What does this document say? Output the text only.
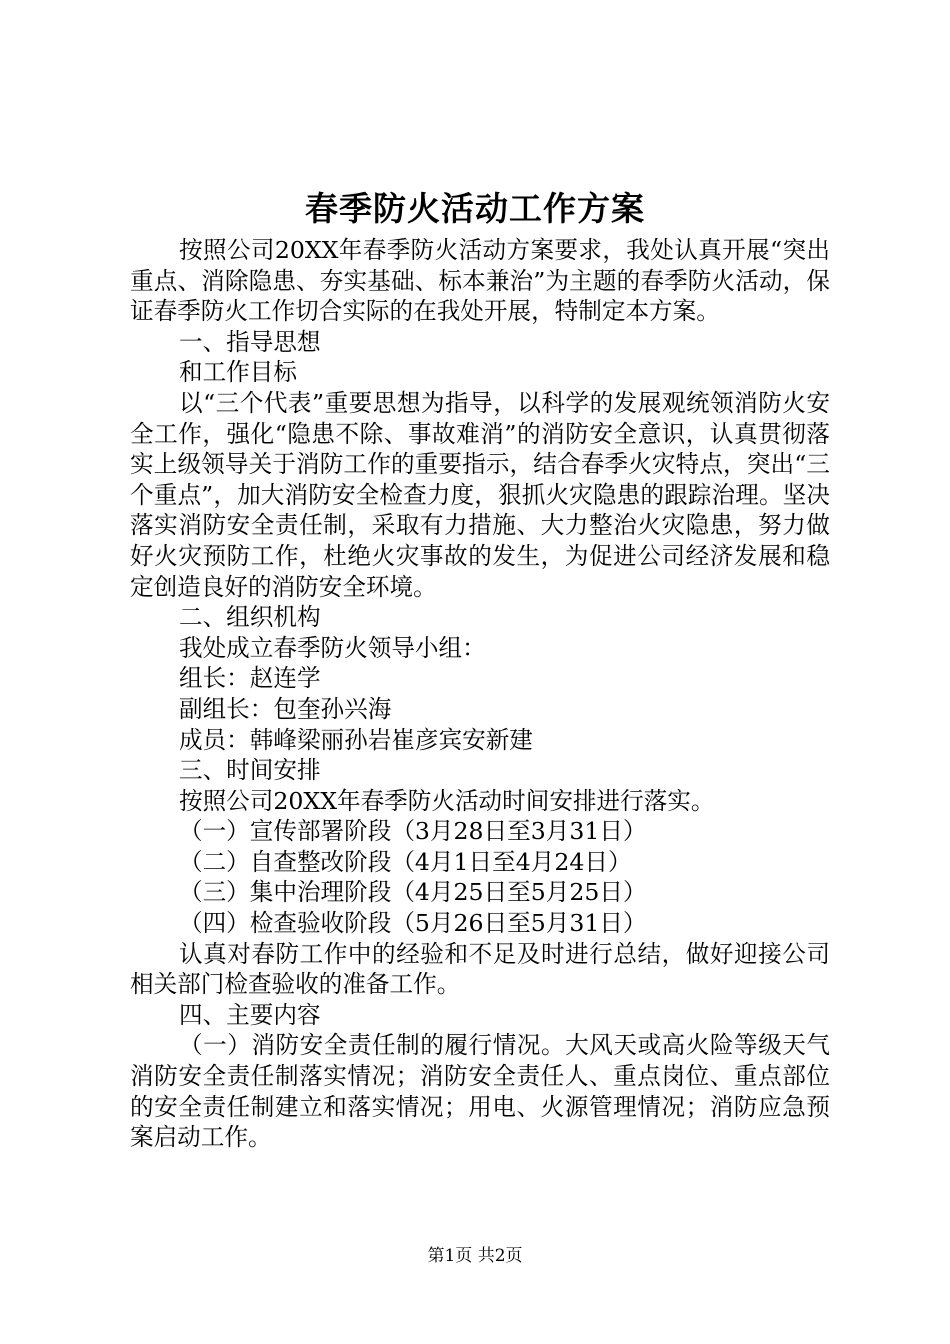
春季防火活动工作方案

按照公司20XX年春季防火活动方案要求，我处认真开展“突出重点、消除隐患、夯实基础、标本兼治”为主题的春季防火活动，保证春季防火工作切合实际的在我处开展，特制定本方案。

一、指导思想

和工作目标

以“三个代表”重要思想为指导，以科学的发展观统领消防火安全工作，强化“隐患不除、事故难消”的消防安全意识，认真贯彻落实上级领导关于消防工作的重要指示，结合春季火灾特点，突出“三个重点”，加大消防安全检查力度，狠抓火灾隐患的跟踪治理。坚决落实消防安全责任制，采取有力措施、大力整治火灾隐患，努力做好火灾预防工作，杜绝火灾事故的发生，为促进公司经济发展和稳定创造良好的消防安全环境。

二、组织机构

我处成立春季防火领导小组：

组长：赵连学

副组长：包奎孙兴海

成员：韩峰梁丽孙岩崔彦宾安新建

三、时间安排

按照公司20XX年春季防火活动时间安排进行落实。

（一）宣传部署阶段（3月28日至3月31日）

（二）自查整改阶段（4月1日至4月24日）

（三）集中治理阶段（4月25日至5月25日）

（四）检查验收阶段（5月26日至5月31日）

认真对春防工作中的经验和不足及时进行总结，做好迎接公司相关部门检查验收的准备工作。

四、主要内容

（一）消防安全责任制的履行情况。大风天或高火险等级天气消防安全责任制落实情况；消防安全责任人、重点岗位、重点部位的安全责任制建立和落实情况；用电、火源管理情况；消防应急预案启动工作。

第1页 共2页
